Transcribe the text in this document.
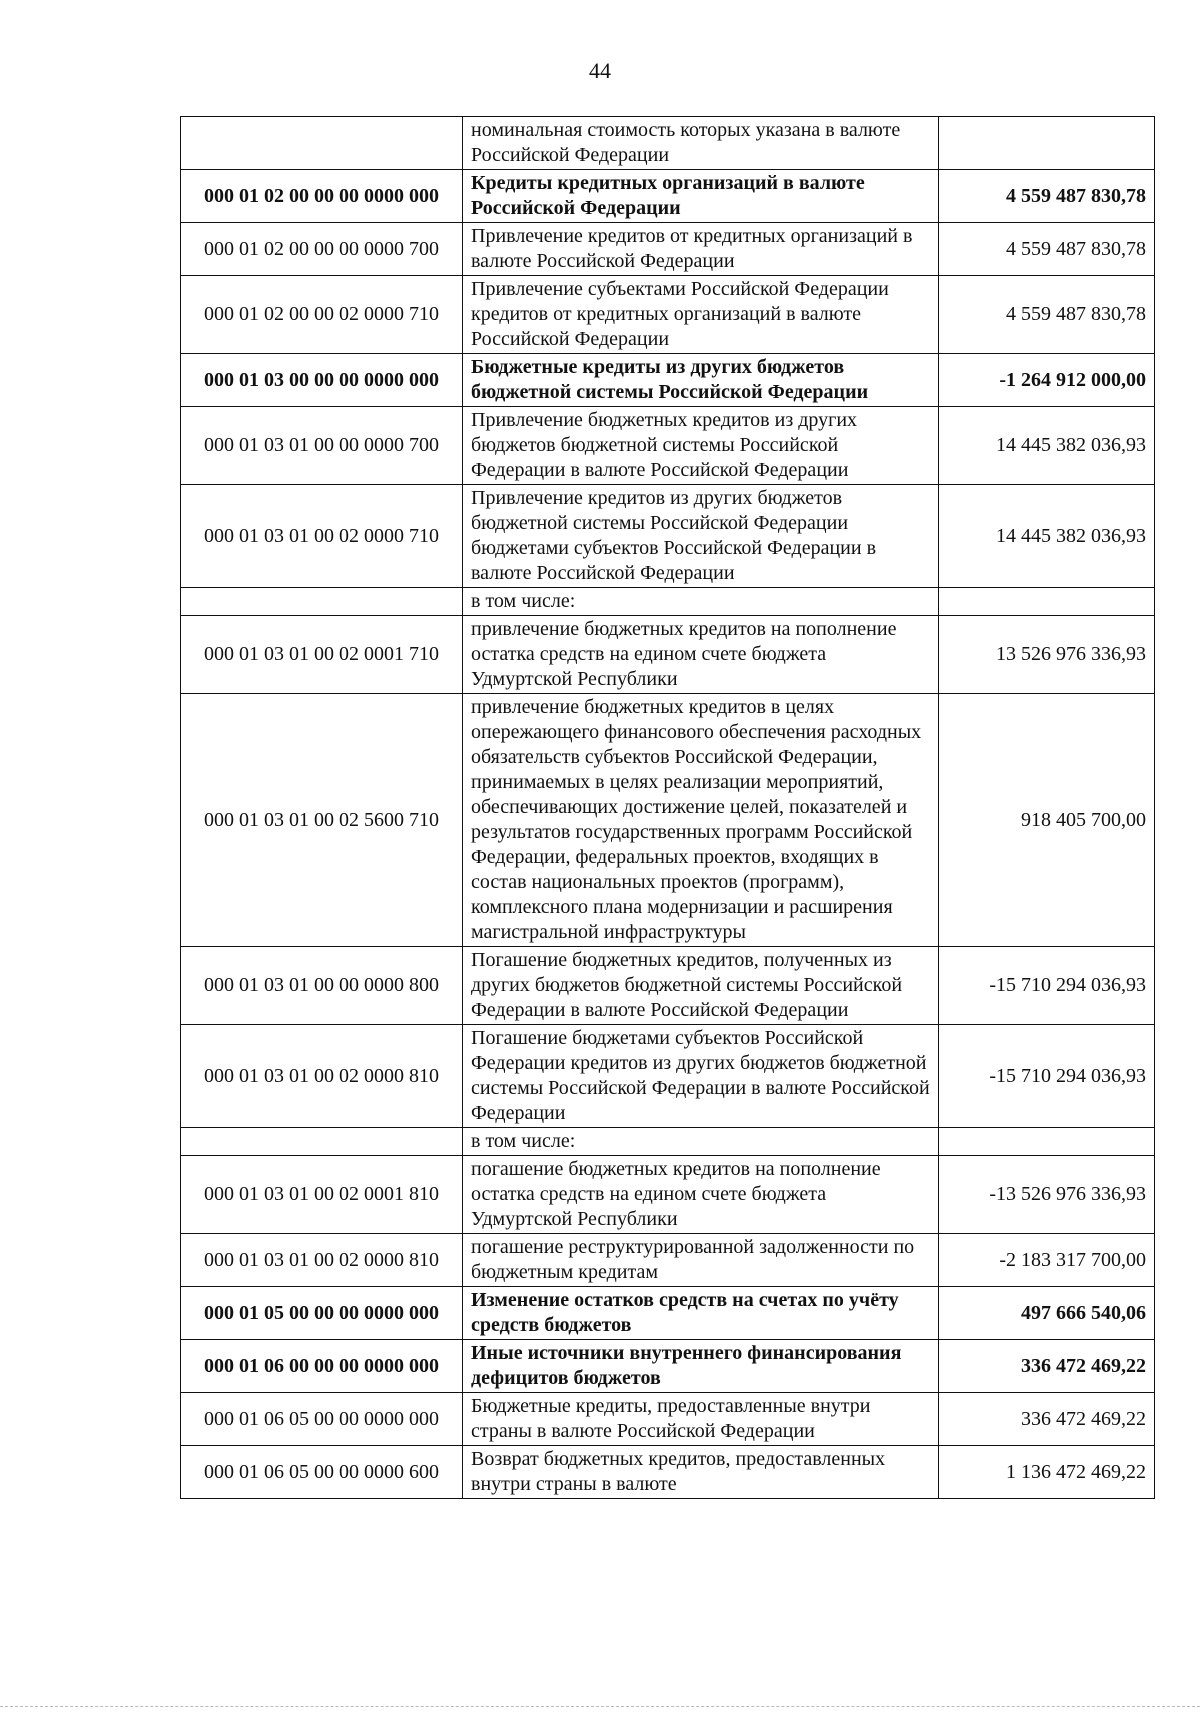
44
	номинальная стоимость которых указана в валюте Российской Федерации	
000 01 02 00 00 00 0000 000	Кредиты кредитных организаций в валюте Российской Федерации	4 559 487 830,78
000 01 02 00 00 00 0000 700	Привлечение кредитов от кредитных организаций в валюте Российской Федерации	4 559 487 830,78
000 01 02 00 00 02 0000 710	Привлечение субъектами Российской Федерации кредитов от кредитных организаций в валюте Российской Федерации	4 559 487 830,78
000 01 03 00 00 00 0000 000	Бюджетные кредиты из других бюджетов бюджетной системы Российской Федерации	-1 264 912 000,00
000 01 03 01 00 00 0000 700	Привлечение бюджетных кредитов из других бюджетов бюджетной системы Российской Федерации в валюте Российской Федерации	14 445 382 036,93
000 01 03 01 00 02 0000 710	Привлечение кредитов из других бюджетов бюджетной системы Российской Федерации бюджетами субъектов Российской Федерации в валюте Российской Федерации	14 445 382 036,93
	в том числе:	
000 01 03 01 00 02 0001 710	привлечение бюджетных кредитов на пополнение остатка средств на едином счете бюджета Удмуртской Республики	13 526 976 336,93
000 01 03 01 00 02 5600 710	привлечение бюджетных кредитов в целях опережающего финансового обеспечения расходных обязательств субъектов Российской Федерации, принимаемых в целях реализации мероприятий, обеспечивающих достижение целей, показателей и результатов государственных программ Российской Федерации, федеральных проектов, входящих в состав национальных проектов (программ), комплексного плана модернизации и расширения магистральной инфраструктуры	918 405 700,00
000 01 03 01 00 00 0000 800	Погашение бюджетных кредитов, полученных из других бюджетов бюджетной системы Российской Федерации в валюте Российской Федерации	-15 710 294 036,93
000 01 03 01 00 02 0000 810	Погашение бюджетами субъектов Российской Федерации кредитов из других бюджетов бюджетной системы Российской Федерации в валюте Российской Федерации	-15 710 294 036,93
	в том числе:	
000 01 03 01 00 02 0001 810	погашение бюджетных кредитов на пополнение остатка средств на едином счете бюджета Удмуртской Республики	-13 526 976 336,93
000 01 03 01 00 02 0000 810	погашение реструктурированной задолженности по бюджетным кредитам	-2 183 317 700,00
000 01 05 00 00 00 0000 000	Изменение остатков средств на счетах по учёту средств бюджетов	497 666 540,06
000 01 06 00 00 00 0000 000	Иные источники внутреннего финансирования дефицитов бюджетов	336 472 469,22
000 01 06 05 00 00 0000 000	Бюджетные кредиты, предоставленные внутри страны в валюте Российской Федерации	336 472 469,22
000 01 06 05 00 00 0000 600	Возврат бюджетных кредитов, предоставленных внутри страны в валюте	1 136 472 469,22
